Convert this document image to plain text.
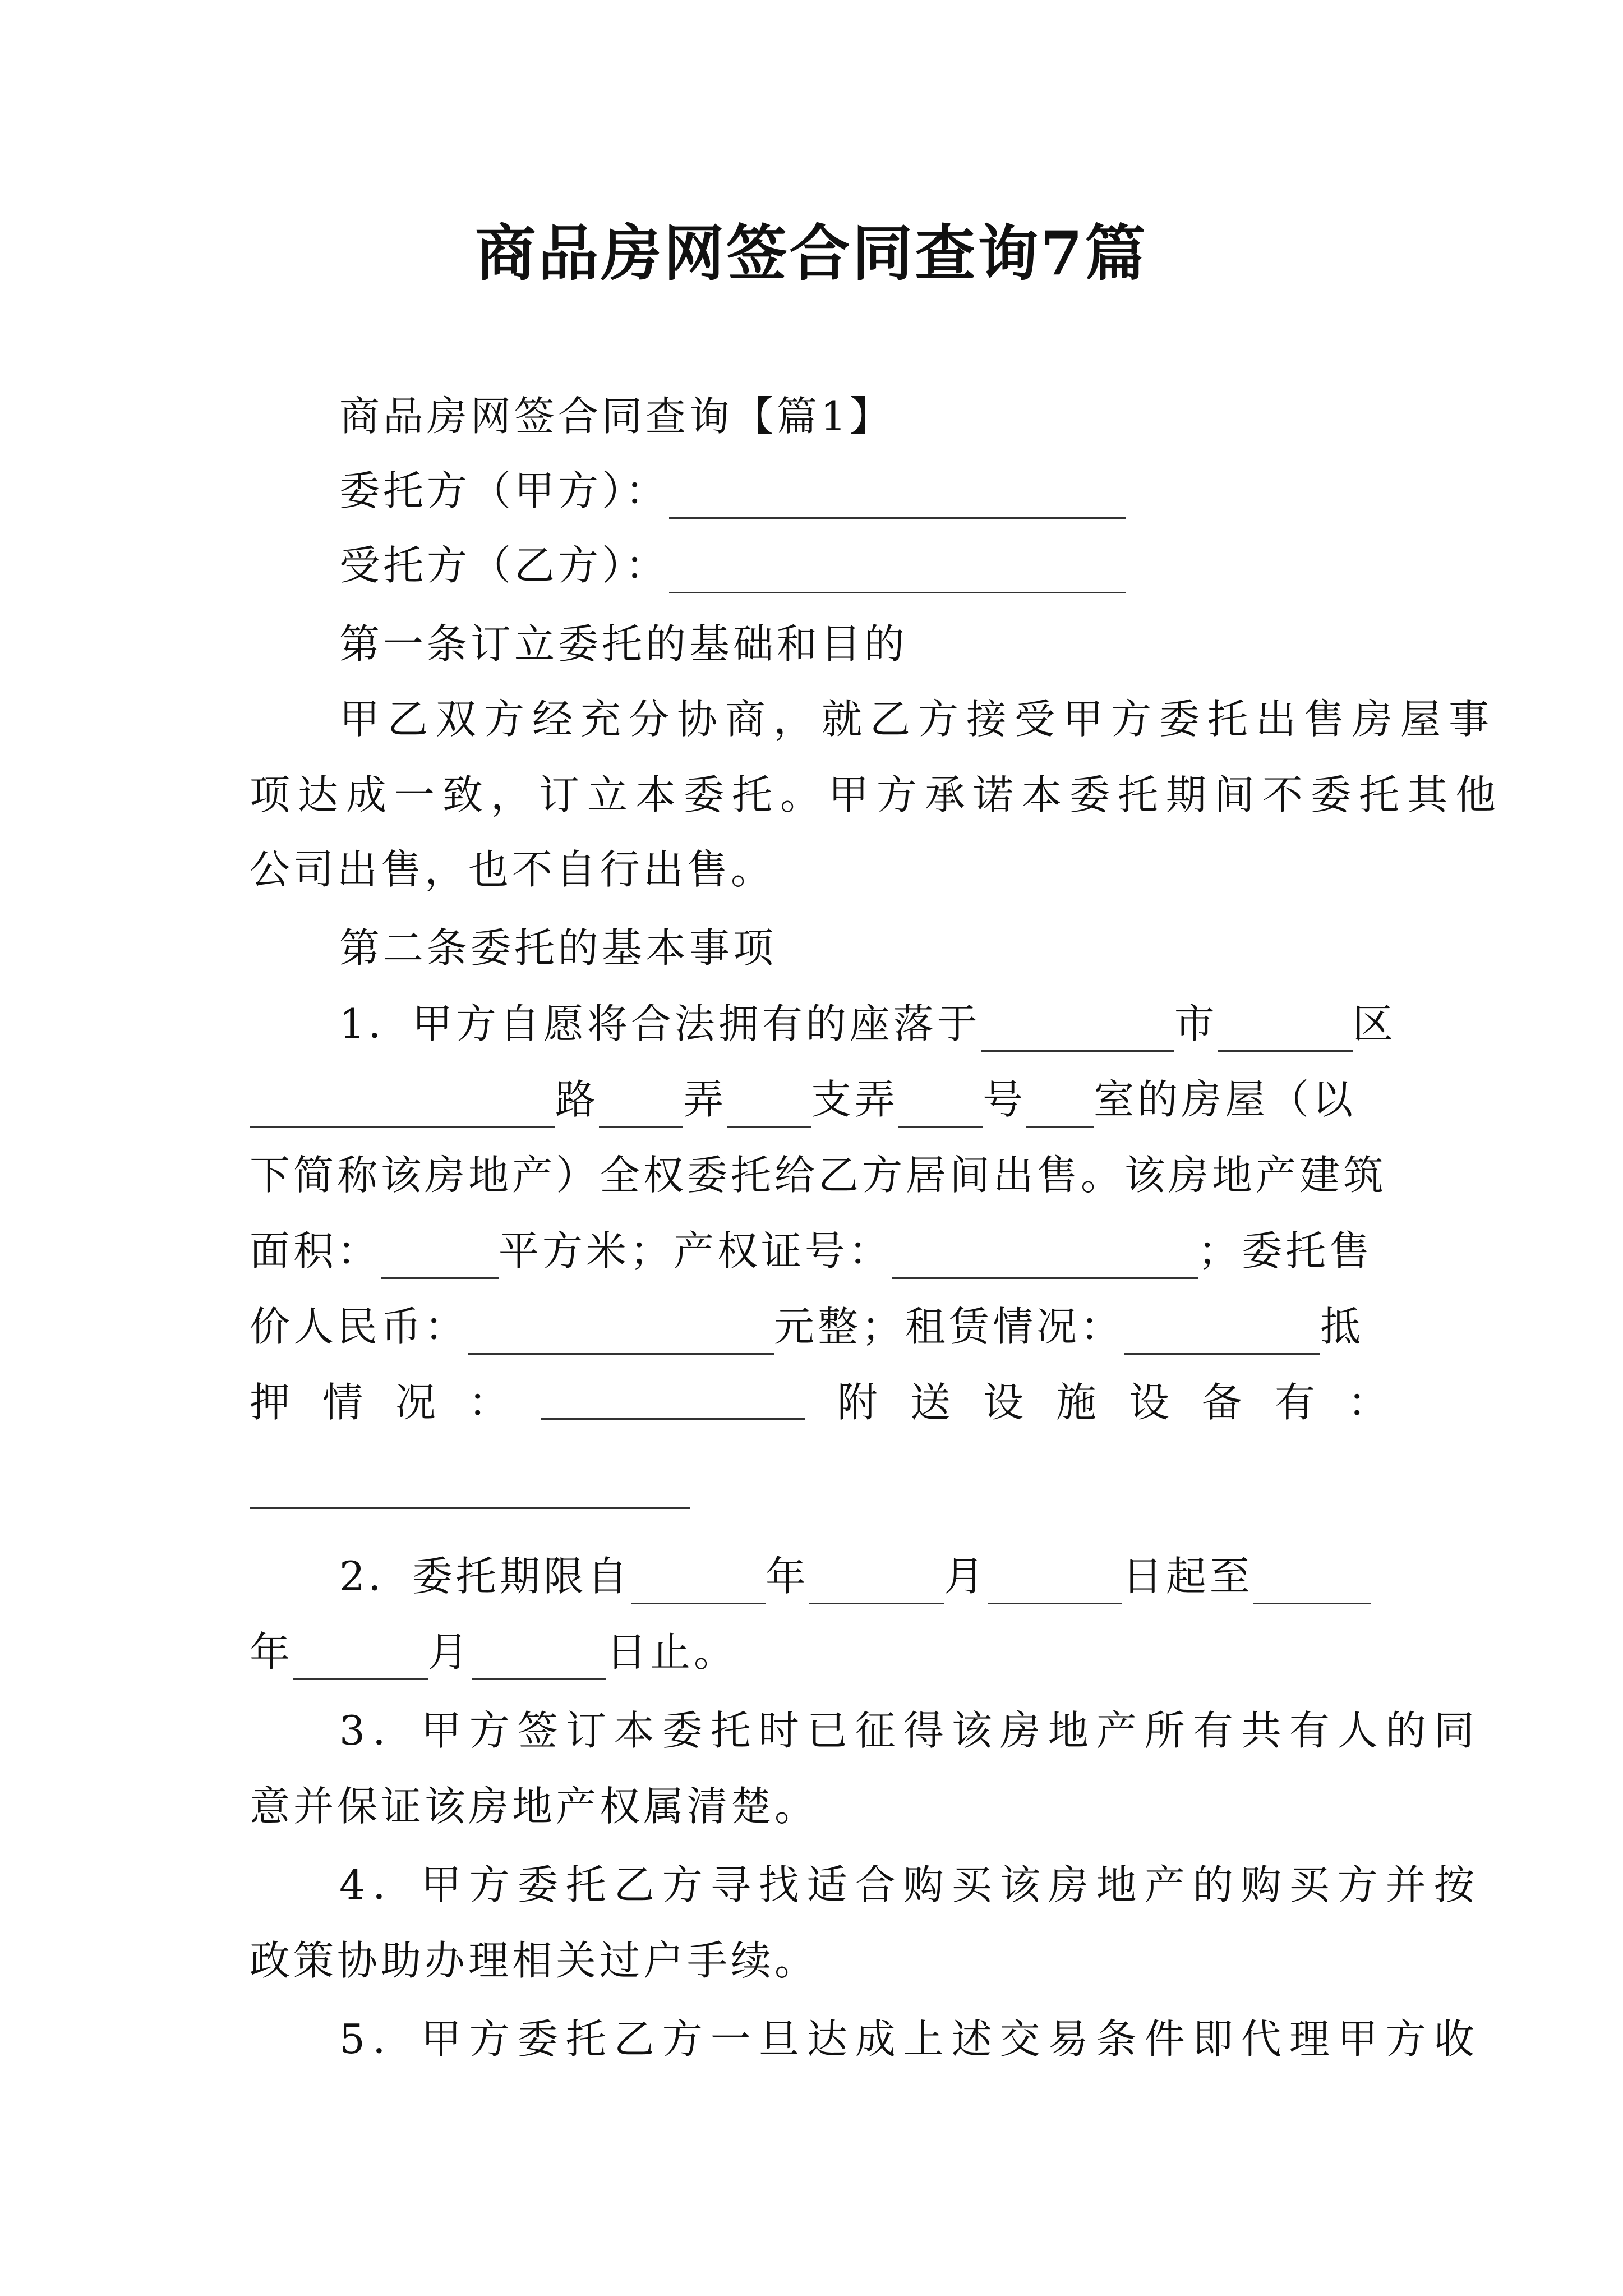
商品房网签合同查询7篇
商品房网签合同查询【篇1】
委托方（甲方）：
受托方（乙方）：
第一条订立委托的基础和目的
甲乙双方经充分协商，就乙方接受甲方委托出售房屋事
项达成一致，订立本委托。甲方承诺本委托期间不委托其他
公司出售，也不自行出售。
第二条委托的基本事项
1．甲方自愿将合法拥有的座落于	市	区
路 弄 支弄 号 室的房屋（以
下简称该房地产）全权委托给乙方居间出售。该房地产建筑
面积：	平方米；产权证号：	；委托售
价人民币：	元整；租赁情况：	抵
押 情 况 ：	附 送 设 施 设 备 有 ：
2．委托期限自	年	月	日起至
年	月	日止。
3．甲方签订本委托时已征得该房地产所有共有人的同
意并保证该房地产权属清楚。
4．甲方委托乙方寻找适合购买该房地产的购买方并按
政策协助办理相关过户手续。
5．甲方委托乙方一旦达成上述交易条件即代理甲方收
